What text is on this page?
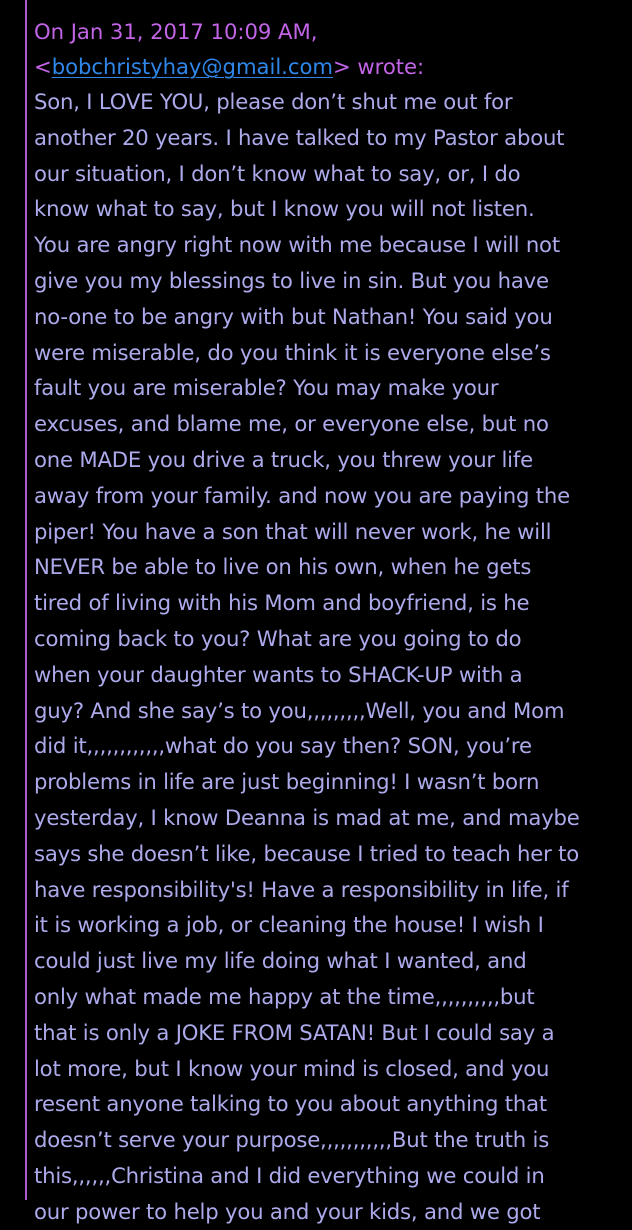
On Jan 31, 2017 10:09 AM,

<bobchristyhay@gmail.com> wrote:

Son, I LOVE YOU, please don’t shut me out for

another 20 years. I have talked to my Pastor about

our situation, I don’t know what to say, or, I do

know what to say, but I know you will not listen.

You are angry right now with me because I will not

give you my blessings to live in sin. But you have

no-one to be angry with but Nathan! You said you

were miserable, do you think it is everyone else’s

fault you are miserable? You may make your

excuses, and blame me, or everyone else, but no

one MADE you drive a truck, you threw your life

away from your family. and now you are paying the

piper! You have a son that will never work, he will

NEVER be able to live on his own, when he gets

tired of living with his Mom and boyfriend, is he

coming back to you? What are you going to do

when your daughter wants to SHACK-UP with a

guy? And she say’s to you,,,,,,,,,Well, you and Mom

did it,,,,,,,,,,,,what do you say then? SON, you’re

problems in life are just beginning! I wasn’t born

yesterday, I know Deanna is mad at me, and maybe

says she doesn’t like, because I tried to teach her to

have responsibility's! Have a responsibility in life, if

it is working a job, or cleaning the house! I wish I

could just live my life doing what I wanted, and

only what made me happy at the time,,,,,,,,,,but

that is only a JOKE FROM SATAN! But I could say a

lot more, but I know your mind is closed, and you

resent anyone talking to you about anything that

doesn’t serve your purpose,,,,,,,,,,,But the truth is

this,,,,,,Christina and I did everything we could in

our power to help you and your kids, and we got
